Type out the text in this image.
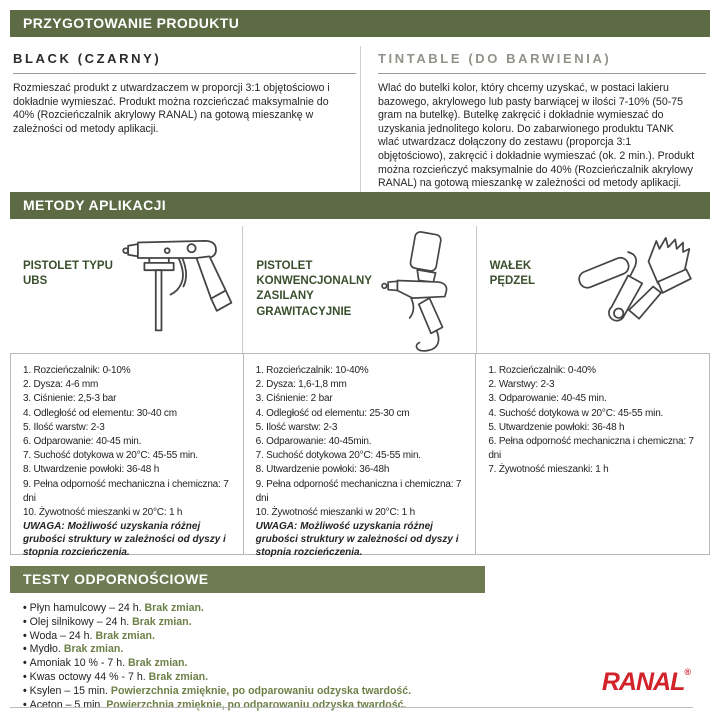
PRZYGOTOWANIE PRODUKTU
BLACK (CZARNY)
Rozmieszać produkt z utwardzaczem w proporcji 3:1 objętościowo i dokładnie wymieszać. Produkt można rozcieńczać maksymalnie do 40% (Rozcieńczalnik akrylowy RANAL) na gotową mieszankę w zależności od metody aplikacji.
TINTABLE (DO BARWIENIA)
Wlać do butelki kolor, który chcemy uzyskać, w postaci lakieru bazowego, akrylowego lub pasty barwiącej w ilości 7-10% (50-75 gram na butelkę). Butelkę zakręcić i dokładnie wymieszać do uzyskania jednolitego koloru. Do zabarwionego produktu TANK wlać utwardzacz dołączony do zestawu (proporcja 3:1 objętościowo), zakręcić i dokładnie wymieszać (ok. 2 min.). Produkt można rozcieńczyć maksymalnie do 40% (Rozcieńczalnik akrylowy RANAL) na gotową mieszankę w zależności od metody aplikacji.
METODY APLIKACJI
PISTOLET TYPU UBS
PISTOLET KONWENCJONALNY ZASILANY GRAWITACYJNIE
WAŁEK PĘDZEL
1. Rozcieńczalnik: 0-10%
2. Dysza: 4-6 mm
3. Ciśnienie: 2,5-3 bar
4. Odległość od elementu: 30-40 cm
5. Ilość warstw: 2-3
6. Odparowanie: 40-45 min.
7. Suchość dotykowa w 20°C: 45-55 min.
8. Utwardzenie powłoki: 36-48 h
9. Pełna odporność mechaniczna i chemiczna: 7 dni
10. Żywotność mieszanki w 20°C: 1 h
UWAGA: Możliwość uzyskania różnej grubości struktury w zależności od dyszy i stopnia rozcieńczenia.
1. Rozcieńczalnik: 10-40%
2. Dysza: 1,6-1,8 mm
3. Ciśnienie: 2 bar
4. Odległość od elementu: 25-30 cm
5. Ilość warstw: 2-3
6. Odparowanie: 40-45min.
7. Suchość dotykowa 20°C: 45-55 min.
8. Utwardzenie powłoki: 36-48h
9. Pełna odporność mechaniczna i chemiczna: 7 dni
10. Żywotność mieszanki w 20°C: 1 h
UWAGA: Możliwość uzyskania różnej grubości struktury w zależności od dyszy i stopnia rozcieńczenia.
1. Rozcieńczalnik: 0-40%
2. Warstwy: 2-3
3. Odparowanie: 40-45 min.
4. Suchość dotykowa w 20°C: 45-55 min.
5. Utwardzenie powłoki: 36-48 h
6. Pełna odporność mechaniczna i chemiczna: 7 dni
7. Żywotność mieszanki: 1 h
TESTY ODPORNOŚCIOWE
• Płyn hamulcowy – 24 h. Brak zmian.
• Olej silnikowy – 24 h. Brak zmian.
• Woda – 24 h. Brak zmian.
• Mydło. Brak zmian.
• Amoniak 10 % - 7 h. Brak zmian.
• Kwas octowy 44 % - 7 h. Brak zmian.
• Ksylen – 15 min. Powierzchnia zmięknie, po odparowaniu odzyska twardość.
• Aceton – 5 min. Powierzchnia zmięknie, po odparowaniu odzyska twardość.
RANAL®
